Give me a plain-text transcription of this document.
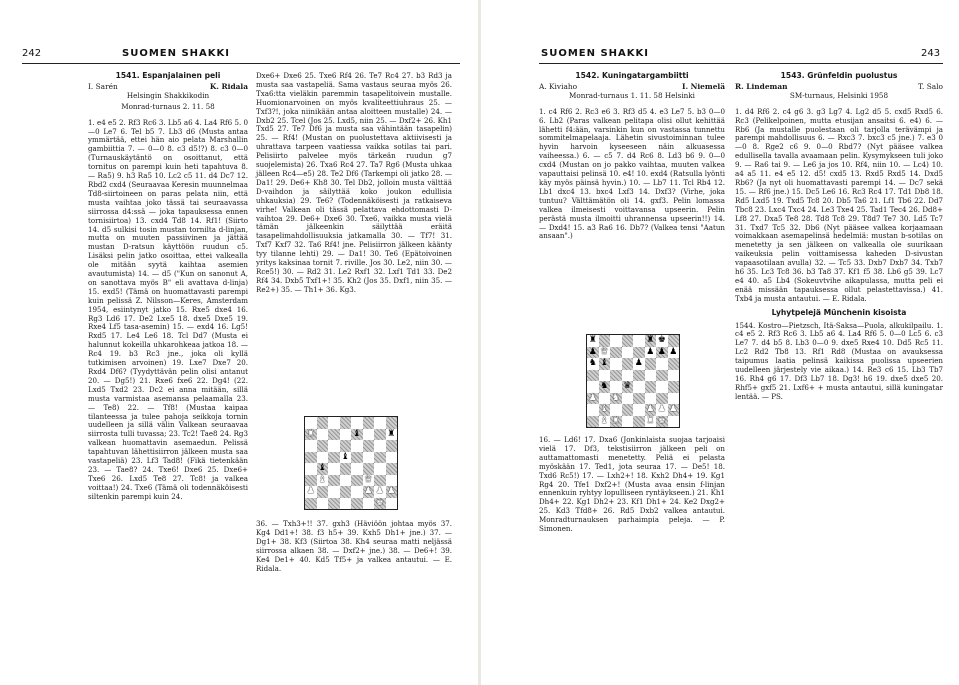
242	SUOMEN SHAKKI

1541. Espanjalainen peli

I. Sarén	K. Ridala

Helsingin Shakkikodin

Monrad-turnaus 2. 11. 58

1. e4 e5 2. Rf3 Rc6 3. Lb5 a6 4. La4 Rf6 5. 0—0 Le7 6. Tel b5 7. Lb3 d6 (Musta antaa ymmärtää, ettei hän aio pelata Marshallin gambiittia 7. — 0—0 8. c3 d5!?) 8. c3 0—0 (Turnauskäytäntö on osoittanut, että tornitus on parempi kuin heti tapahtuva 8. — Ra5) 9. h3 Ra5 10. Lc2 c5 11. d4 Dc7 12. Rbd2 cxd4 (Seuraavaa Keresin muunnelmaa Td8-siirtoineen on paras pelata niin, että musta vaihtaa joko tässä tai seuraavassa siirrossa d4:ssä — joka tapauksessa ennen tornisiirtoa) 13. cxd4 Td8 14. Rf1! (Siirto 14. d5 sulkisi tosin mustan tornilta d-linjan, mutta on muuten passiivinen ja jättää mustan D-ratsun käyttöön ruudun c5. Lisäksi pelin jatko osoittaa, ettei valkealla ole mitään syytä kaihtaa asemien avautumista) 14. — d5 ("Kun on sanonut A, on sanottava myös B" eli avattava d-linja) 15. exd5! (Tämä on huomattavasti parempi kuin pelissä Z. Nilsson—Keres, Amsterdam 1954, esiintynyt jatko 15. Rxe5 dxe4 16. Rg3 Ld6 17. De2 Lxe5 18. dxe5 Dxe5 19. Rxe4 Lf5 tasa-asemin) 15. — exd4 16. Lg5! Rxd5 17. Le4 Le6 18. Tcl Dd7 (Musta ei halunnut kokeilla uhkarohkeaa jatkoa 18. — Rc4 19. b3 Rc3 jne., joka oli kyllä tutkimisen arvoinen) 19. Lxe7 Dxe7 20. Rxd4 Df6? (Tyydyttävän pelin olisi antanut 20. — Dg5!) 21. Rxe6 fxe6 22. Dg4! (22. Lxd5 Txd2 23. Dc2 ei anna mitään, sillä musta varmistaa asemansa pelaamalla 23. — Te8) 22. — Tf8! (Mustaa kaipaa tilanteessa ja tulee pahoja seikkoja tornin uudelleen ja sillä välin Valkean seuraavaa siirrosta tulli tuvassa; 23. Tc2! Tae8 24. Rg3 valkean huomattavin asemaedun. Pelissä tapahtuvan lähettisiirron jälkeen musta saa vastapeliä) 23. Lf3 Tad8! (Fikä tietenkään 23. — Tae8? 24. Txe6! Dxe6 25. Dxe6+ Txe6 26. Lxd5 Te8 27. Tc8! ja valkea voittaa!) 24. Txe6 (Tämä oli todennäköisesti siltenkin parempi kuin 24.

Dxe6+ Dxe6 25. Txe6 Rf4 26. Te7 Rc4 27. b3 Rd3 ja musta saa vastapeliä. Sama vastaus seuraa myös 26. Txa6:tta vieläkin paremmin tasapelitoivein mustalle. Huomionarvoinen on myös kvaliteettiuhraus 25. — Txf3?!, joka niinikään antaa aloitteen mustalle) 24. — Dxb2 25. Tcel (Jos 25. Lxd5, niin 25. — Dxf2+ 26. Kh1 Txd5 27. Te7 Df6 ja musta saa vähintään tasapelin) 25. — Rf4! (Mustan on puolustettava aktiivisesti ja uhrattava tarpeen vaatiessa vaikka sotilas tai pari. Pelisiirto palvelee myös tärkeän ruudun g7 suojelemista) 26. Txa6 Rc4 27. Ta7 Rg6 (Musta uhkaa jälleen Rc4—e5) 28. Te2 Df6 (Tarkempi oli jatko 28. — Da1! 29. De6+ Kh8 30. Tel Db2, jolloin musta välttää D-vaihdon ja säilyttää koko joukon edullisia uhkauksia) 29. Te6? (Todennäköisesti ja ratkaiseva virhe! Valkean oli tässä pelattava ehdottomasti D-vaihtoa 29. De6+ Dxe6 30. Txe6, vaikka musta vielä tämän jälkeenkin säilyttää eräitä tasapelimahdollisuuksia jatkamalla 30. — Tf7! 31. Txf7 Kxf7 32. Ta6 Rf4! jne. Pelisiirron jälkeen käänty tyy tilanne lehti) 29. — Da1! 30. Te6 (Epätoivoinen yritys kaksinaa tornit 7. riville. Jos 30. Le2, niin 30. — Rce5!) 30. — Rd2 31. Le2 Rxf1 32. Lxf1 Td1 33. De2 Rf4 34. Dxb5 Txf1+! 35. Kh2 (Jos 35. Dxf1, niin 35. — Re2+) 35. — Th1+ 36. Kg3.

♜	♝	♜
♝
♝
♝	♛
♟	♟ ♟ ♟
♚

36. — Txh3+!! 37. gxh3 (Häviöön johtaa myös 37. Kg4 Dd1+! 38. f3 h5+ 39. Kxh5 Dh1+ jne.) 37. — Dg1+ 38. Kf3 (Siirtoa 38. Kh4 seuraa matti neljässä siirrossa alkaen 38. — Dxf2+ jne.) 38. — De6+! 39. Ke4 De1+ 40. Kd5 Tf5+ ja valkea antautui. — E. Ridala.

SUOMEN SHAKKI	243

1542. Kuningatargambiitti

A. Kiviaho	I. Niemelä

Monrad-turnaus 1. 11. 58 Helsinki

1. c4 Rf6 2. Rc3 e6 3. Rf3 d5 4. e3 Le7 5. b3 0—0 6. Lb2 (Paras valkean pelitapa olisi ollut kehittää lähetti f4:ään, varsinkin kun on vastassa tunnettu sommitelmapelaaja. Lähetin sivustoiminnan tulee hyvin harvoin kyseeseen näin alkuasessa vaiheessa.) 6. — c5 7. d4 Rc6 8. Ld3 b6 9. 0—0 cxd4 (Mustan on jo pakko vaihtaa, muuten valkea vapauttaisi pelinsä 10. e4! 10. exd4 (Ratsulla lyönti käy myös päinsä hyvin.) 10. — Lb7 11. Tcl Rb4 12. Lb1 dxc4 13. bxc4 Lxf3 14. Dxf3? (Virhe, joka tuntuu? Välttämätön oli 14. gxf3. Pelin lomassa valkea ilmeisesti voittavansa upseerin. Pelin perästä musta ilmoitti uhrannensa upseerin!!) 14. — Dxd4! 15. a3 Ra6 16. Db7? (Valkea tensi "Aatun ansaan".)

♜	♜ ♚
♟ ♛	♟ ♟ ♟
♞ ♝	♟
♞ ♛
♟ ♞
♝	♟ ♟ ♟
♝ ♜	♜ ♚

16. — Ld6! 17. Dxa6 (Jonkinlaista suojaa tarjoaisi vielä 17. Df3, tekstisiirron jälkeen peli on auttamattomasti menetetty. Peliä ei pelasta myöskään 17. Ted1, jota seuraa 17. — De5! 18. Txd6 Rc5!) 17. — Lxh2+! 18. Kxh2 Dh4+ 19. Kg1 Rg4 20. Tfe1 Dxf2+! (Musta avaa ensin f-linjan ennenkuin ryhtyy lopulliseen ryntäykseen.) 21. Kh1 Dh4+ 22. Kg1 Dh2+ 23. Kf1 Dh1+ 24. Ke2 Dxg2+ 25. Kd3 Tfd8+ 26. Rd5 Dxb2 valkea antautui. Monradturnauksen parhaimpia peleja. — P. Simonen.

1543. Grünfeldin puolustus

R. Lindeman	T. Salo

SM-turnaus, Helsinki 1958

1. d4 Rf6 2. c4 g6 3. g3 Lg7 4. Lg2 d5 5. cxd5 Rxd5 6. Rc3 (Pelikelpoinen, mutta etusijan ansaitsi 6. e4) 6. — Rb6 (Ja mustalle puolestaan oli tarjolla terävämpi ja parempi mahdollisuus 6. — Rxc3 7. bxc3 c5 jne.) 7. e3 0—0 8. Rge2 c6 9. 0—0 Rbd7? (Nyt pääsee valkea edullisella tavalla avaamaan pelin. Kysymykseen tuli joko 9. — Ra6 tai 9. — Le6 ja jos 10. Rf4, niin 10. — Lc4) 10. a4 a5 11. e4 e5 12. d5! cxd5 13. Rxd5 Rxd5 14. Dxd5 Rb6? (Ja nyt oli huomattavasti parempi 14. — Dc7 sekä 15. — Rf6 jne.) 15. Dc5 Le6 16. Rc3 Rc4 17. Td1 Db8 18. Rd5 Lxd5 19. Txd5 Tc8 20. Db5 Ta6 21. Lf1 Tb6 22. Dd7 Tbc8 23. Lxc4 Txc4 24. Le3 Txe4 25. Tad1 Tec4 26. Dd8+ Lf8 27. Dxa5 Te8 28. Td8 Tc8 29. T8d7 Te7 30. Ld5 Tc7 31. Txd7 Tc5 32. Db6 (Nyt pääsee valkea korjaamaan voimakkaan asemapelinsä hedelmiä: mustan b-sotilas on menetetty ja sen jälkeen on valkealla ole suurikaan vaikeuksia pelin voittamisessa kaheden D-sivustan vapaasotilaan avulla) 32. — Tc5 33. Dxb7 Dxb7 34. Txb7 h6 35. Lc3 Tc8 36. b3 Ta8 37. Kf1 f5 38. Lb6 g5 39. Lc7 e4 40. a5 Lb4 (Sokeuvtvihe aikapulassa, mutta peli ei enää missään tapauksessa ollut pelastettavissa.) 41. Txb4 ja musta antautui. — E. Ridala.

Lyhytpelejä Münchenin kisoista

1544. Kostro—Pietzsch, Itä-Saksa—Puola, alkukilpailu. 1. c4 e5 2. Rf3 Rc6 3. Lb5 a6 4. La4 Rf6 5. 0—0 Lc5 6. c3 Le7 7. d4 b5 8. Lb3 0—0 9. dxe5 Rxe4 10. Dd5 Rc5 11. Lc2 Rd2 Tb8 13. Rf1 Rd8 (Mustaa on avauksessa taipumus laatia pelinsä kaikissa puolissa upseerien uudelleen järjestely vie aikaa.) 14. Re3 c6 15. Lb3 Tb7 16. Rh4 g6 17. Df3 Lb7 18. Dg3! h6 19. dxe5 dxe5 20. Rhf5+ gxf5 21. Lxf6+ + musta antautui, sillä kuningatar lentää. — PS.
